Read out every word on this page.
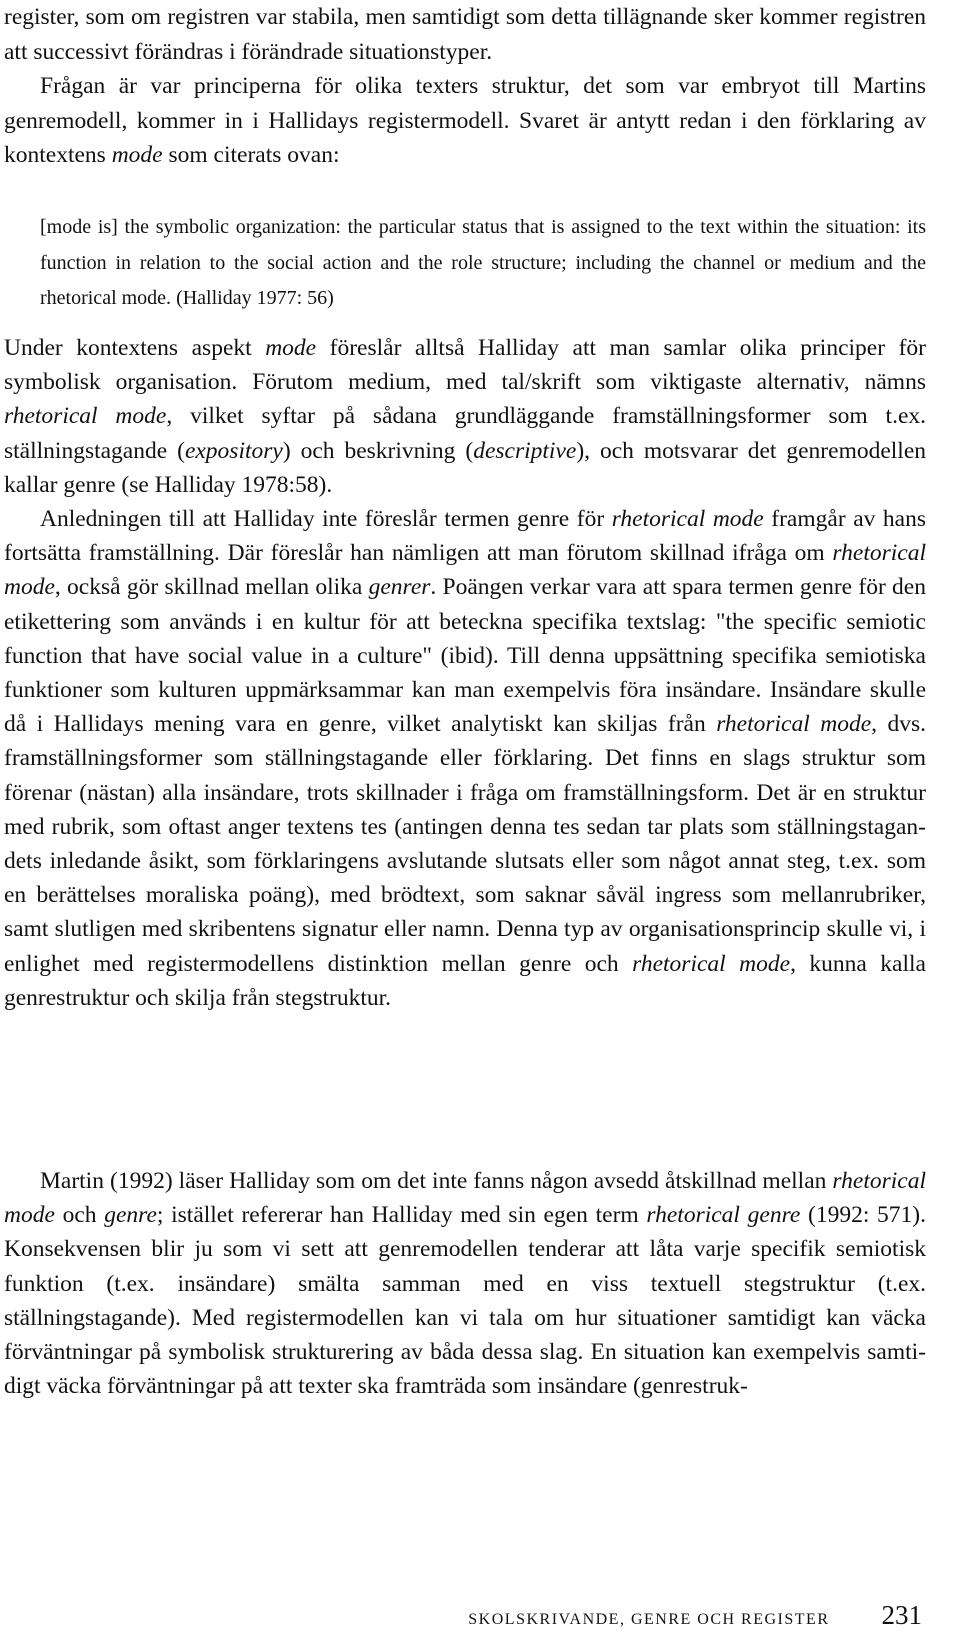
register, som om registren var stabila, men samtidigt som detta tillägnande sker kommer registren att successivt förändras i förändrade situationstyper.
Frågan är var principerna för olika texters struktur, det som var embryot till Martins genremodell, kommer in i Hallidays registermodell. Svaret är antytt redan i den förklaring av kontextens mode som citerats ovan:

[mode is] the symbolic organization: the particular status that is assigned to the text within the situation: its function in relation to the social action and the role structure; including the channel or medium and the rhetorical mode. (Halliday 1977: 56)

Under kontextens aspekt mode föreslår alltså Halliday att man samlar olika principer för symbolisk organisation. Förutom medium, med tal/skrift som viktigaste alternativ, nämns rhetorical mode, vilket syftar på sådana grundläggande framställningsformer som t.ex. ställningstagande (expository) och beskrivning (descriptive), och motsvarar det genremodellen kallar genre (se Halliday 1978:58).
Anledningen till att Halliday inte föreslår termen genre för rhetorical mode framgår av hans fortsätta framställning. Där föreslår han nämligen att man förutom skillnad ifråga om rhetorical mode, också gör skillnad mellan olika genrer. Poängen verkar vara att spara termen genre för den etikettering som används i en kultur för att beteckna specifika textslag: "the specific semiotic function that have social value in a culture" (ibid). Till denna uppsättning specifika semiotiska funktioner som kulturen uppmärksammar kan man exempelvis föra insändare. Insändare skulle då i Hallidays mening vara en genre, vilket analytiskt kan skiljas från rhetorical mode, dvs. framställningsformer som ställningstagande eller förklaring. Det finns en slags struktur som förenar (nästan) alla insändare, trots skillnader i fråga om framställningsform. Det är en struktur med rubrik, som oftast anger textens tes (antingen denna tes sedan tar plats som ställningstagandets inledande åsikt, som förklaringens avslutande slutsats eller som något annat steg, t.ex. som en berättelses moraliska poäng), med brödtext, som saknar såväl ingress som mellanrubriker, samt slutligen med skribentens signatur eller namn. Denna typ av organisationsprincip skulle vi, i enlighet med registermodellens distinktion mellan genre och rhetorical mode, kunna kalla genrestruktur och skilja från stegstruktur.

Martin (1992) läser Halliday som om det inte fanns någon avsedd åtskillnad mellan rhetorical mode och genre; istället refererar han Halliday med sin egen term rhetorical genre (1992: 571). Konsekvensen blir ju som vi sett att genremodellen tenderar att låta varje specifik semiotisk funktion (t.ex. insändare) smälta samman med en viss textuell stegstruktur (t.ex. ställningstagande). Med registermodellen kan vi tala om hur situationer samtidigt kan väcka förväntningar på symbolisk strukturering av båda dessa slag. En situation kan exempelvis samtidigt väcka förväntningar på att texter ska framträda som insändare (genrestruk-

SKOLSKRIVANDE, GENRE OCH REGISTER 231
